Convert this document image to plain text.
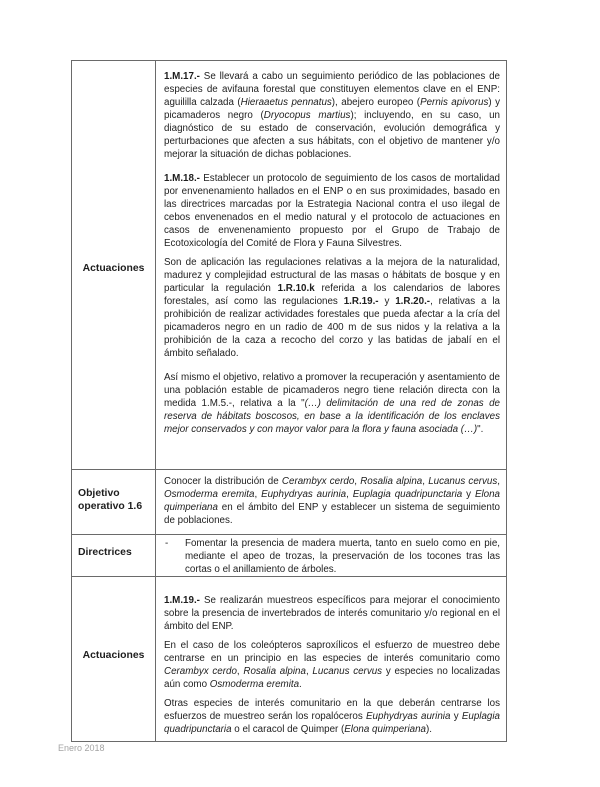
Actuaciones	1.M.17.- Se llevará a cabo un seguimiento periódico de las poblaciones de especies de avifauna forestal que constituyen elementos clave en el ENP: aguililla calzada (Hieraaetus pennatus), abejero europeo (Pernis apivorus) y picamaderos negro (Dryocopus martius); incluyendo, en su caso, un diagnóstico de su estado de conservación, evolución demográfica y perturbaciones que afecten a sus hábitats, con el objetivo de mantener y/o mejorar la situación de dichas poblaciones.

1.M.18.- Establecer un protocolo de seguimiento de los casos de mortalidad por envenenamiento hallados en el ENP o en sus proximidades, basado en las directrices marcadas por la Estrategia Nacional contra el uso ilegal de cebos envenenados en el medio natural y el protocolo de actuaciones en casos de envenenamiento propuesto por el Grupo de Trabajo de Ecotoxicología del Comité de Flora y Fauna Silvestres.

Son de aplicación las regulaciones relativas a la mejora de la naturalidad, madurez y complejidad estructural de las masas o hábitats de bosque y en particular la regulación 1.R.10.k referida a los calendarios de labores forestales, así como las regulaciones 1.R.19.- y 1.R.20.-, relativas a la prohibición de realizar actividades forestales que pueda afectar a la cría del picamaderos negro en un radio de 400 m de sus nidos y la relativa a la prohibición de la caza a recocho del corzo y las batidas de jabalí en el ámbito señalado.

Así mismo el objetivo, relativo a promover la recuperación y asentamiento de una población estable de picamaderos negro tiene relación directa con la medida 1.M.5.-, relativa a la "(…) delimitación de una red de zonas de reserva de hábitats boscosos, en base a la identificación de los enclaves mejor conservados y con mayor valor para la flora y fauna asociada (…)".

Objetivo operativo 1.6	Conocer la distribución de Cerambyx cerdo, Rosalia alpina, Lucanus cervus, Osmoderma eremita, Euphydryas aurinia, Euplagia quadripunctaria y Elona quimperiana en el ámbito del ENP y establecer un sistema de seguimiento de poblaciones.

Directrices	- Fomentar la presencia de madera muerta, tanto en suelo como en pie, mediante el apeo de trozas, la preservación de los tocones tras las cortas o el anillamiento de árboles.

Actuaciones	1.M.19.- Se realizarán muestreos específicos para mejorar el conocimiento sobre la presencia de invertebrados de interés comunitario y/o regional en el ámbito del ENP.

En el caso de los coleópteros saproxílicos el esfuerzo de muestreo debe centrarse en un principio en las especies de interés comunitario como Cerambyx cerdo, Rosalia alpina, Lucanus cervus y especies no localizadas aún como Osmoderma eremita.

Otras especies de interés comunitario en la que deberán centrarse los esfuerzos de muestreo serán los ropalóceros Euphydryas aurinia y Euplagia quadripunctaria o el caracol de Quimper (Elona quimperiana).

Enero 2018
